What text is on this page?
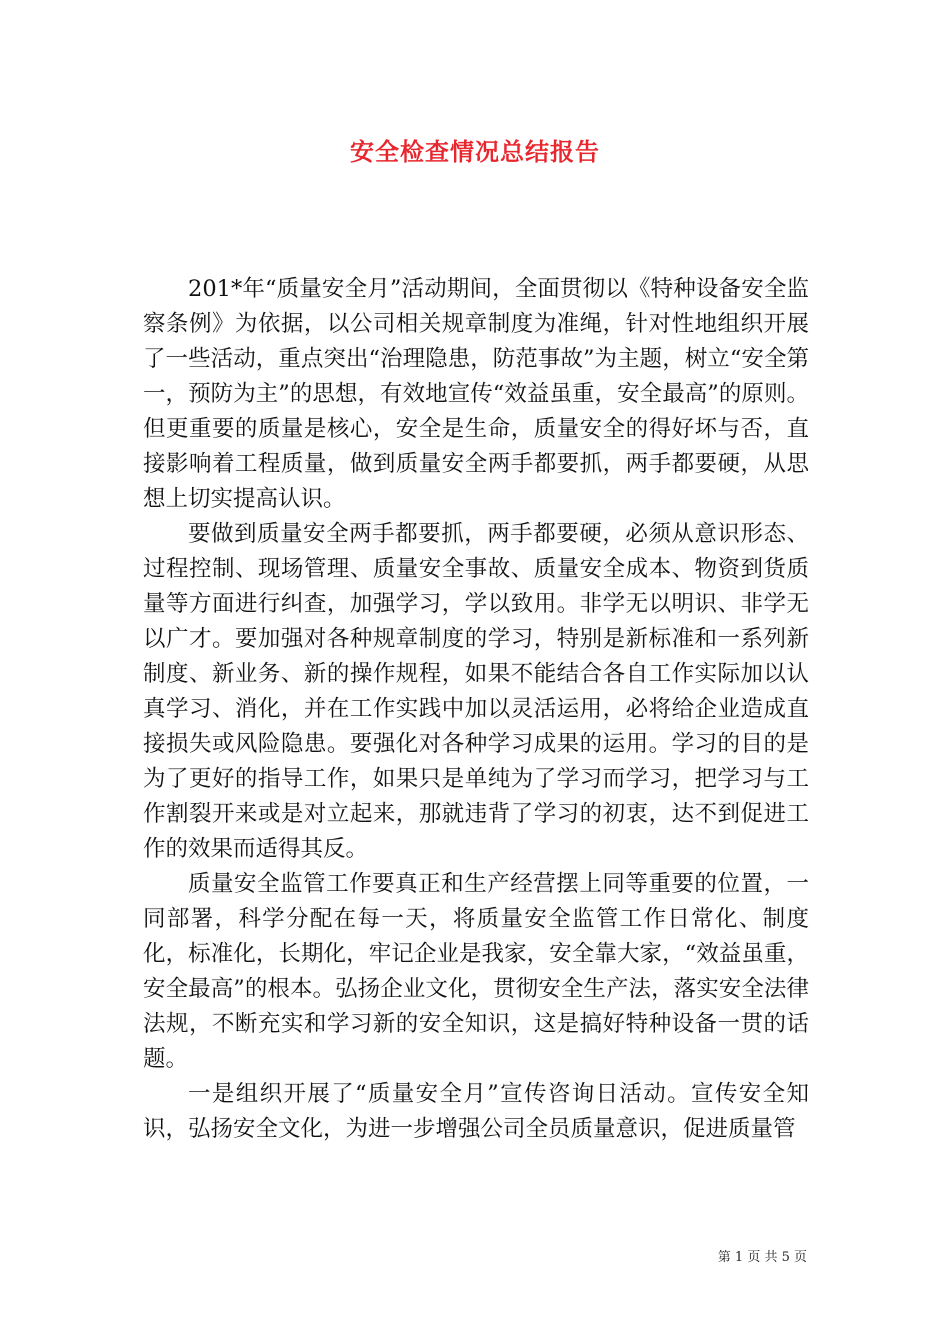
安全检查情况总结报告

201*年“质量安全月”活动期间，全面贯彻以《特种设备安全监察条例》为依据，以公司相关规章制度为准绳，针对性地组织开展了一些活动，重点突出“治理隐患，防范事故”为主题，树立“安全第一，预防为主”的思想，有效地宣传“效益虽重，安全最高”的原则。但更重要的质量是核心，安全是生命，质量安全的得好坏与否，直接影响着工程质量，做到质量安全两手都要抓，两手都要硬，从思想上切实提高认识。

要做到质量安全两手都要抓，两手都要硬，必须从意识形态、过程控制、现场管理、质量安全事故、质量安全成本、物资到货质量等方面进行纠查，加强学习，学以致用。非学无以明识、非学无以广才。要加强对各种规章制度的学习，特别是新标准和一系列新制度、新业务、新的操作规程，如果不能结合各自工作实际加以认真学习、消化，并在工作实践中加以灵活运用，必将给企业造成直接损失或风险隐患。要强化对各种学习成果的运用。学习的目的是为了更好的指导工作，如果只是单纯为了学习而学习，把学习与工作割裂开来或是对立起来，那就违背了学习的初衷，达不到促进工作的效果而适得其反。

质量安全监管工作要真正和生产经营摆上同等重要的位置，一同部署，科学分配在每一天，将质量安全监管工作日常化、制度化，标准化，长期化，牢记企业是我家，安全靠大家，“效益虽重，安全最高”的根本。弘扬企业文化，贯彻安全生产法，落实安全法律法规，不断充实和学习新的安全知识，这是搞好特种设备一贯的话题。

一是组织开展了“质量安全月”宣传咨询日活动。宣传安全知识，弘扬安全文化，为进一步增强公司全员质量意识，促进质量管

第 1 页 共 5 页
